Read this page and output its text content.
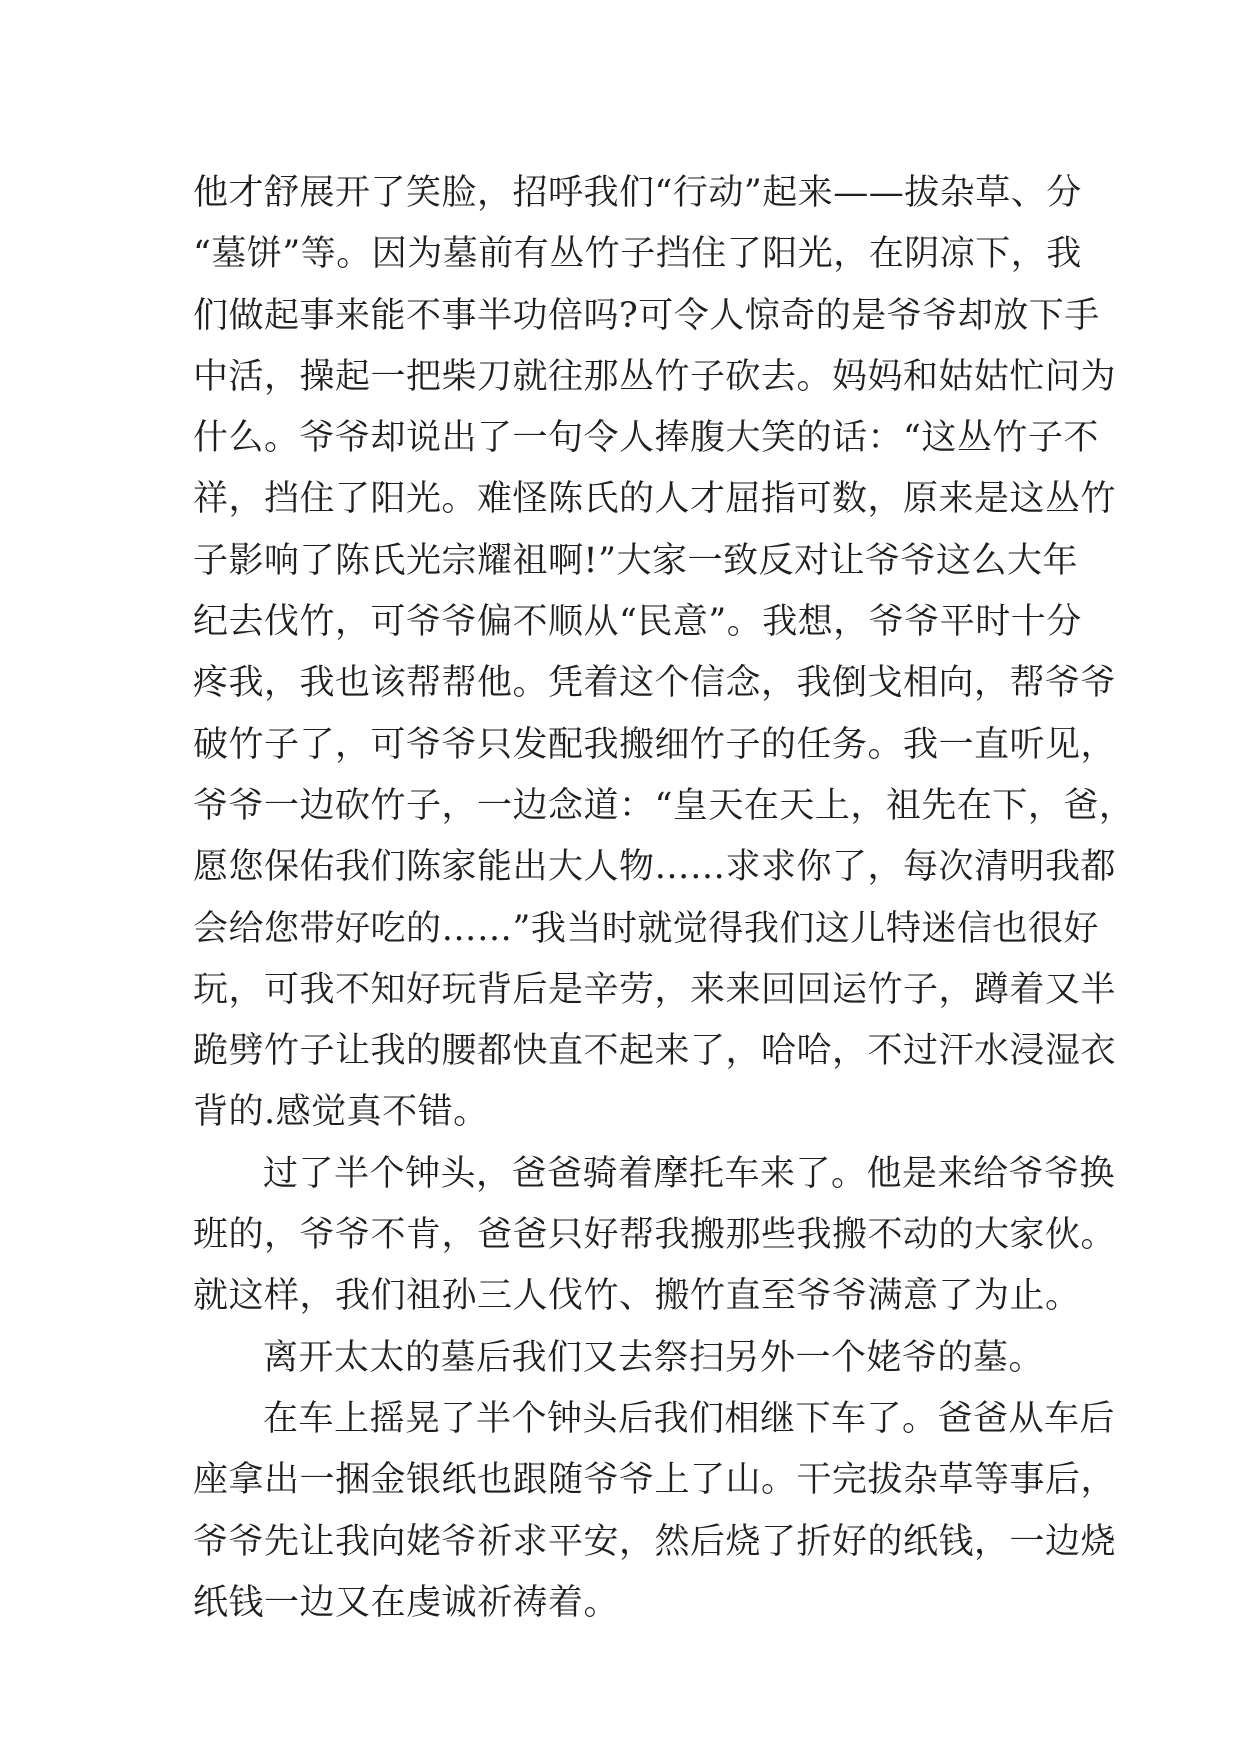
他才舒展开了笑脸，招呼我们“行动”起来——拔杂草、分
“墓饼”等。因为墓前有丛竹子挡住了阳光，在阴凉下，我
们做起事来能不事半功倍吗?可令人惊奇的是爷爷却放下手
中活，操起一把柴刀就往那丛竹子砍去。妈妈和姑姑忙问为
什么。爷爷却说出了一句令人捧腹大笑的话：“这丛竹子不
祥，挡住了阳光。难怪陈氏的人才屈指可数，原来是这丛竹
子影响了陈氏光宗耀祖啊!”大家一致反对让爷爷这么大年
纪去伐竹，可爷爷偏不顺从“民意”。我想，爷爷平时十分
疼我，我也该帮帮他。凭着这个信念，我倒戈相向，帮爷爷
破竹子了，可爷爷只发配我搬细竹子的任务。我一直听见，
爷爷一边砍竹子，一边念道：“皇天在天上，祖先在下，爸，
愿您保佑我们陈家能出大人物……求求你了，每次清明我都
会给您带好吃的……”我当时就觉得我们这儿特迷信也很好
玩，可我不知好玩背后是辛劳，来来回回运竹子，蹲着又半
跪劈竹子让我的腰都快直不起来了，哈哈，不过汗水浸湿衣
背的.感觉真不错。
过了半个钟头，爸爸骑着摩托车来了。他是来给爷爷换
班的，爷爷不肯，爸爸只好帮我搬那些我搬不动的大家伙。
就这样，我们祖孙三人伐竹、搬竹直至爷爷满意了为止。
离开太太的墓后我们又去祭扫另外一个姥爷的墓。
在车上摇晃了半个钟头后我们相继下车了。爸爸从车后
座拿出一捆金银纸也跟随爷爷上了山。干完拔杂草等事后，
爷爷先让我向姥爷祈求平安，然后烧了折好的纸钱，一边烧
纸钱一边又在虔诚祈祷着。
